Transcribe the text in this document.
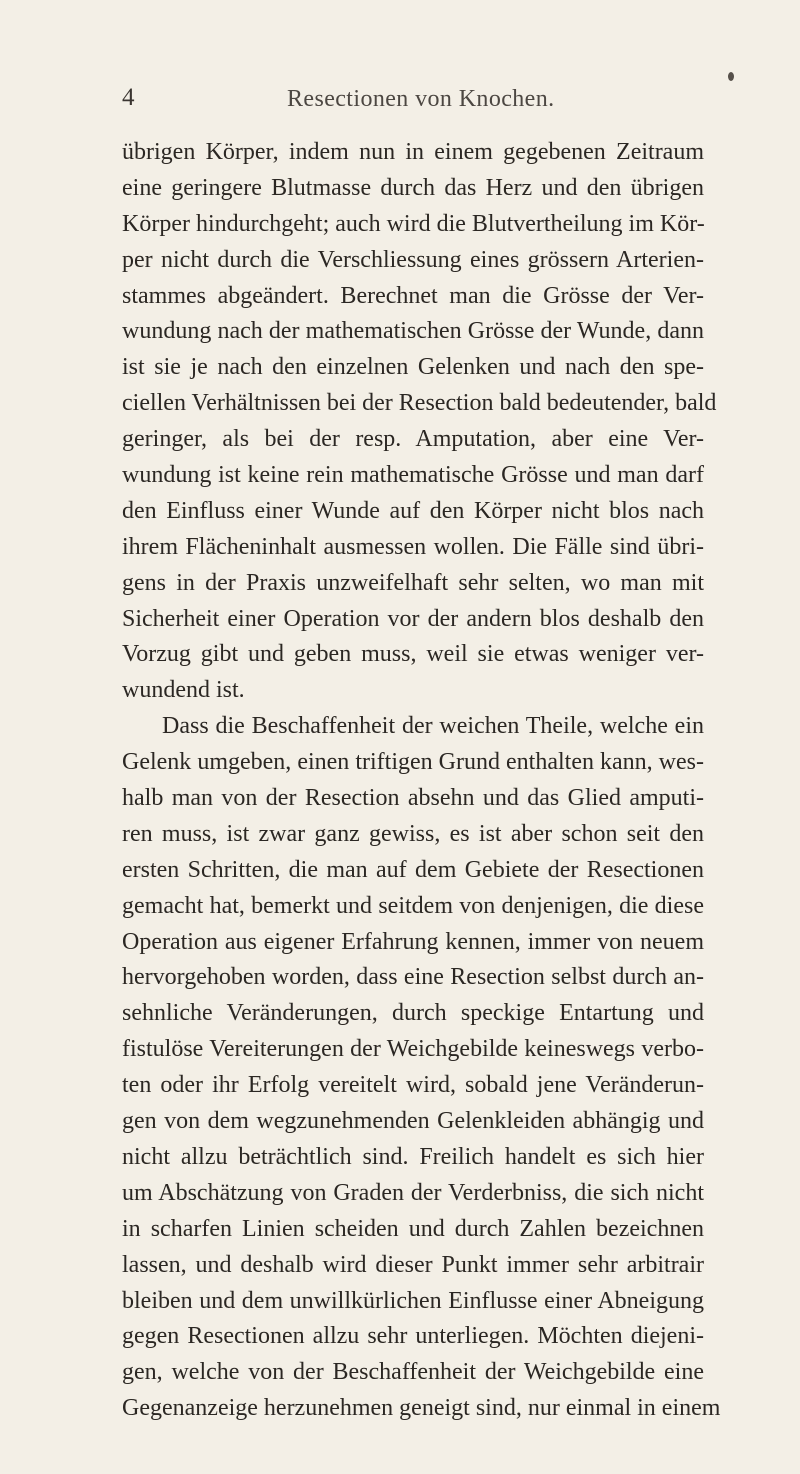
4	Resectionen von Knochen.
übrigen Körper, indem nun in einem gegebenen Zeitraum
eine geringere Blutmasse durch das Herz und den übrigen
Körper hindurchgeht; auch wird die Blutvertheilung im Kör-
per nicht durch die Verschliessung eines grössern Arterien-
stammes abgeändert. Berechnet man die Grösse der Ver-
wundung nach der mathematischen Grösse der Wunde, dann
ist sie je nach den einzelnen Gelenken und nach den spe-
ciellen Verhältnissen bei der Resection bald bedeutender, bald
geringer, als bei der resp. Amputation, aber eine Ver-
wundung ist keine rein mathematische Grösse und man darf
den Einfluss einer Wunde auf den Körper nicht blos nach
ihrem Flächeninhalt ausmessen wollen. Die Fälle sind übri-
gens in der Praxis unzweifelhaft sehr selten, wo man mit
Sicherheit einer Operation vor der andern blos deshalb den
Vorzug gibt und geben muss, weil sie etwas weniger ver-
wundend ist.
Dass die Beschaffenheit der weichen Theile, welche ein
Gelenk umgeben, einen triftigen Grund enthalten kann, wes-
halb man von der Resection absehn und das Glied amputi-
ren muss, ist zwar ganz gewiss, es ist aber schon seit den
ersten Schritten, die man auf dem Gebiete der Resectionen
gemacht hat, bemerkt und seitdem von denjenigen, die diese
Operation aus eigener Erfahrung kennen, immer von neuem
hervorgehoben worden, dass eine Resection selbst durch an-
sehnliche Veränderungen, durch speckige Entartung und
fistulöse Vereiterungen der Weichgebilde keineswegs verbo-
ten oder ihr Erfolg vereitelt wird, sobald jene Veränderun-
gen von dem wegzunehmenden Gelenkleiden abhängig und
nicht allzu beträchtlich sind. Freilich handelt es sich hier
um Abschätzung von Graden der Verderbniss, die sich nicht
in scharfen Linien scheiden und durch Zahlen bezeichnen
lassen, und deshalb wird dieser Punkt immer sehr arbitrair
bleiben und dem unwillkürlichen Einflusse einer Abneigung
gegen Resectionen allzu sehr unterliegen. Möchten diejeni-
gen, welche von der Beschaffenheit der Weichgebilde eine
Gegenanzeige herzunehmen geneigt sind, nur einmal in einem
